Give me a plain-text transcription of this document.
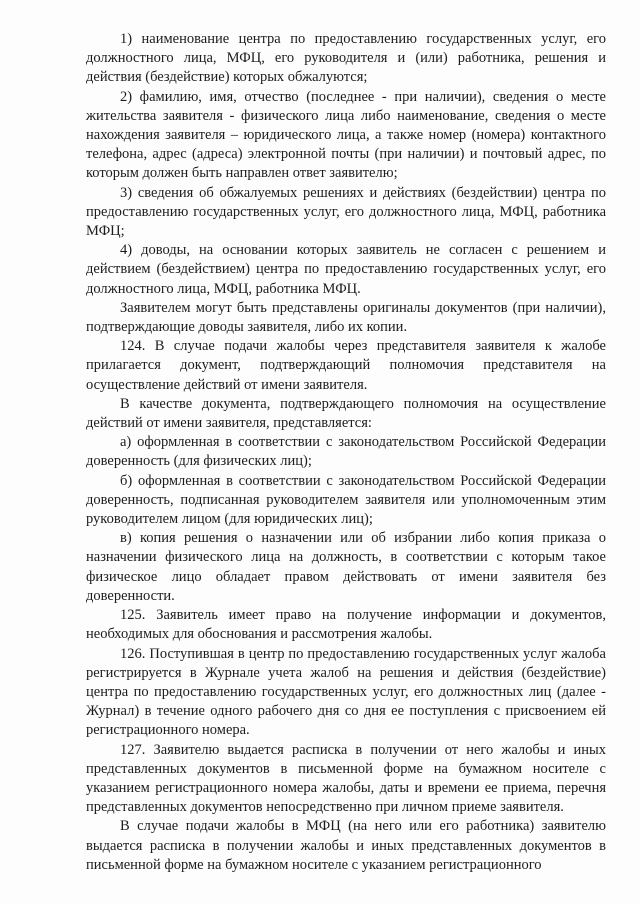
1) наименование центра по предоставлению государственных услуг, его должностного лица, МФЦ, его руководителя и (или) работника, решения и действия (бездействие) которых обжалуются;

2) фамилию, имя, отчество (последнее - при наличии), сведения о месте жительства заявителя - физического лица либо наименование, сведения о месте нахождения заявителя – юридического лица, а также номер (номера) контактного телефона, адрес (адреса) электронной почты (при наличии) и почтовый адрес, по которым должен быть направлен ответ заявителю;

3) сведения об обжалуемых решениях и действиях (бездействии) центра по предоставлению государственных услуг, его должностного лица, МФЦ, работника МФЦ;

4) доводы, на основании которых заявитель не согласен с решением и действием (бездействием) центра по предоставлению государственных услуг, его должностного лица, МФЦ, работника МФЦ.

Заявителем могут быть представлены оригиналы документов (при наличии), подтверждающие доводы заявителя, либо их копии.

124. В случае подачи жалобы через представителя заявителя к жалобе прилагается документ, подтверждающий полномочия представителя на осуществление действий от имени заявителя.

В качестве документа, подтверждающего полномочия на осуществление действий от имени заявителя, представляется:

а) оформленная в соответствии с законодательством Российской Федерации доверенность (для физических лиц);

б) оформленная в соответствии с законодательством Российской Федерации доверенность, подписанная руководителем заявителя или уполномоченным этим руководителем лицом (для юридических лиц);

в) копия решения о назначении или об избрании либо копия приказа о назначении физического лица на должность, в соответствии с которым такое физическое лицо обладает правом действовать от имени заявителя без доверенности.

125. Заявитель имеет право на получение информации и документов, необходимых для обоснования и рассмотрения жалобы.

126. Поступившая в центр по предоставлению государственных услуг жалоба регистрируется в Журнале учета жалоб на решения и действия (бездействие) центра по предоставлению государственных услуг, его должностных лиц (далее - Журнал) в течение одного рабочего дня со дня ее поступления с присвоением ей регистрационного номера.

127. Заявителю выдается расписка в получении от него жалобы и иных представленных документов в письменной форме на бумажном носителе с указанием регистрационного номера жалобы, даты и времени ее приема, перечня представленных документов непосредственно при личном приеме заявителя.

В случае подачи жалобы в МФЦ (на него или его работника) заявителю выдается расписка в получении жалобы и иных представленных документов в письменной форме на бумажном носителе с указанием регистрационного
